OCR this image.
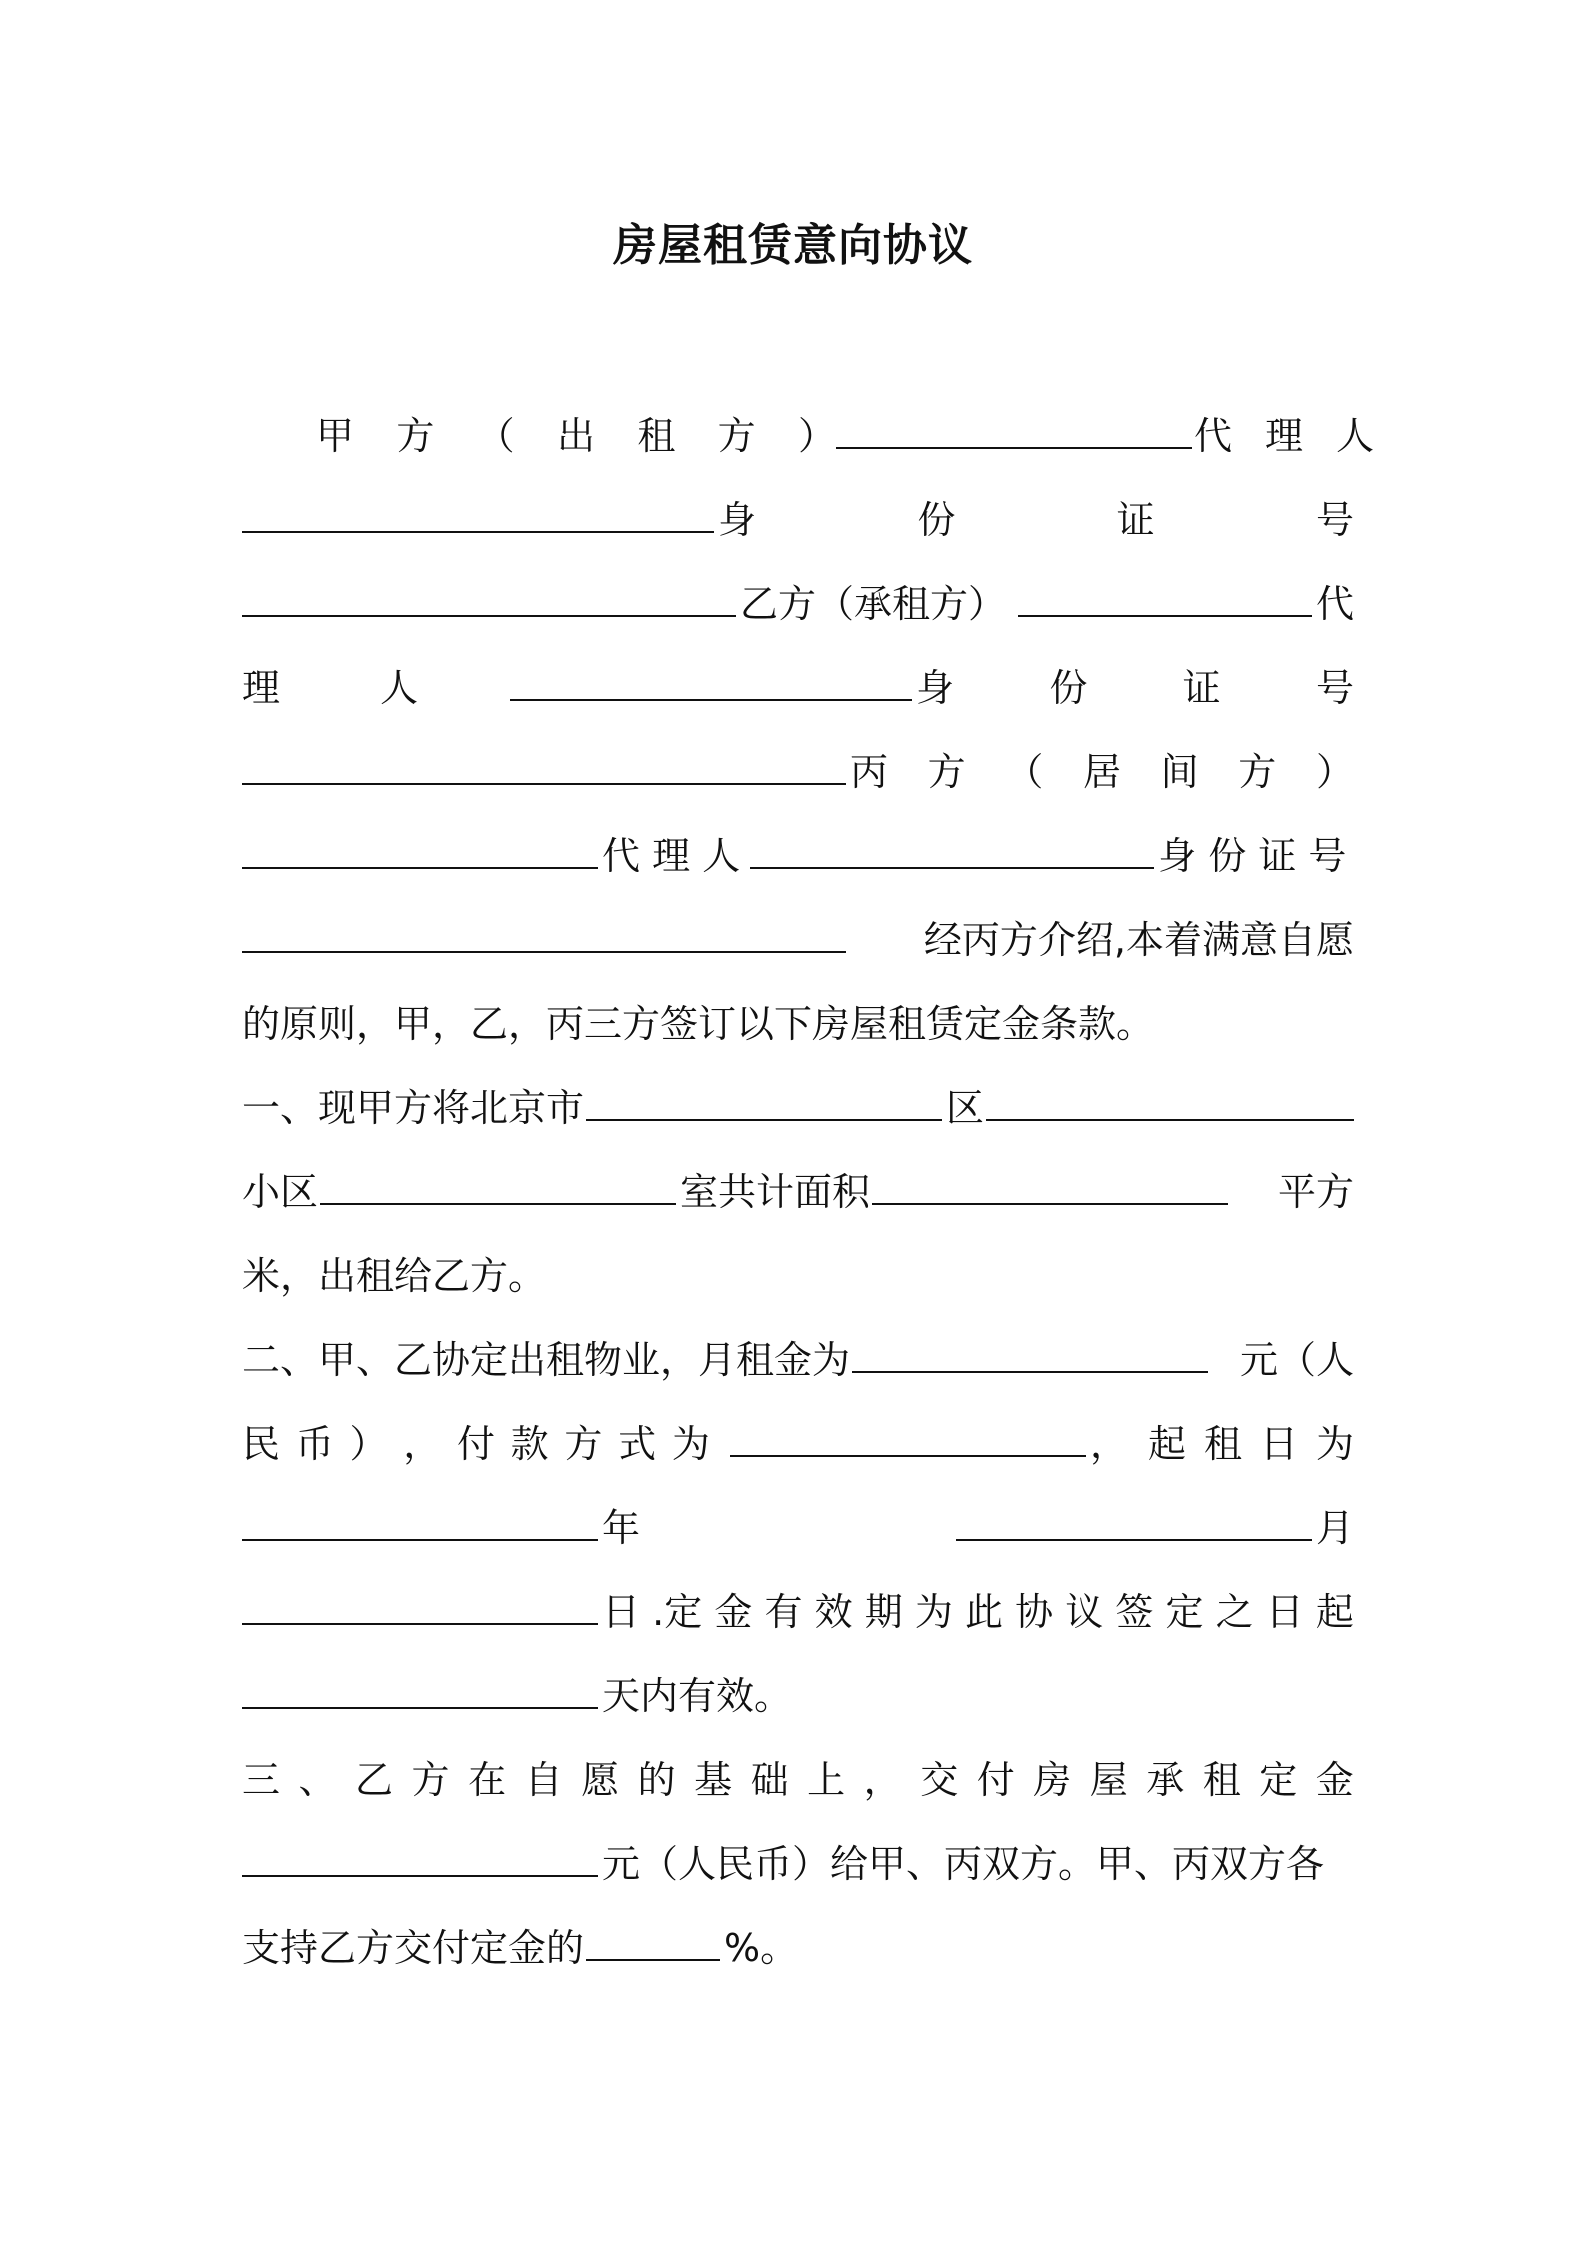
房屋租赁意向协议
甲 方 （ 出 租 方 ）	代 理 人
身	份	证	号
乙方（承租方）	代
理	人	身	份	证	号
丙 方 （ 居 间 方 ）
代 理 人	身 份 证 号
经丙方介绍,本着满意自愿
的原则，甲，乙，丙三方签订以下房屋租赁定金条款。
一、现甲方将北京市	区
小区	室共计面积	平方
米，出租给乙方。
二、甲、乙协定出租物业，月租金为	元（人
民 币 ） ， 付 款 方 式 为	， 起 租 日 为
年	月
日 .定 金 有 效 期 为 此 协 议 签 定 之 日 起
天内有效。
三 、 乙 方 在 自 愿 的 基 础 上 ， 交 付 房 屋 承 租 定 金
元（人民币）给甲、丙双方。甲、丙双方各
支持乙方交付定金的	%。
